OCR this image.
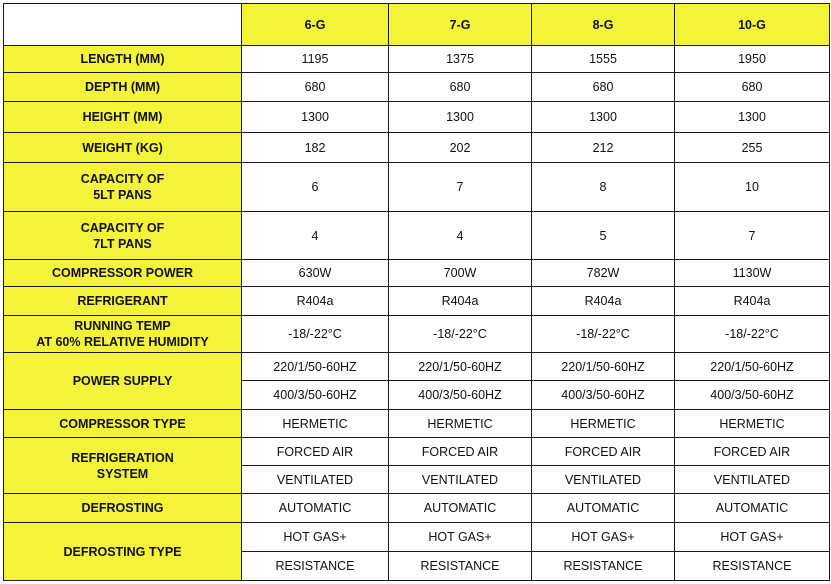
	6-G	7-G	8-G	10-G
LENGTH (MM)	1195	1375	1555	1950
DEPTH (MM)	680	680	680	680
HEIGHT (MM)	1300	1300	1300	1300
WEIGHT (KG)	182	202	212	255
CAPACITY OF
5LT PANS	6	7	8	10
CAPACITY OF
7LT PANS	4	4	5	7
COMPRESSOR POWER	630W	700W	782W	1130W
REFRIGERANT	R404a	R404a	R404a	R404a
RUNNING TEMP
AT 60% RELATIVE HUMIDITY	-18/-22°C	-18/-22°C	-18/-22°C	-18/-22°C
POWER SUPPLY	220/1/50-60HZ	220/1/50-60HZ	220/1/50-60HZ	220/1/50-60HZ
	400/3/50-60HZ	400/3/50-60HZ	400/3/50-60HZ	400/3/50-60HZ
COMPRESSOR TYPE	HERMETIC	HERMETIC	HERMETIC	HERMETIC
REFRIGERATION
SYSTEM	FORCED AIR	FORCED AIR	FORCED AIR	FORCED AIR
	VENTILATED	VENTILATED	VENTILATED	VENTILATED
DEFROSTING	AUTOMATIC	AUTOMATIC	AUTOMATIC	AUTOMATIC
DEFROSTING TYPE	HOT GAS+	HOT GAS+	HOT GAS+	HOT GAS+
	RESISTANCE	RESISTANCE	RESISTANCE	RESISTANCE
